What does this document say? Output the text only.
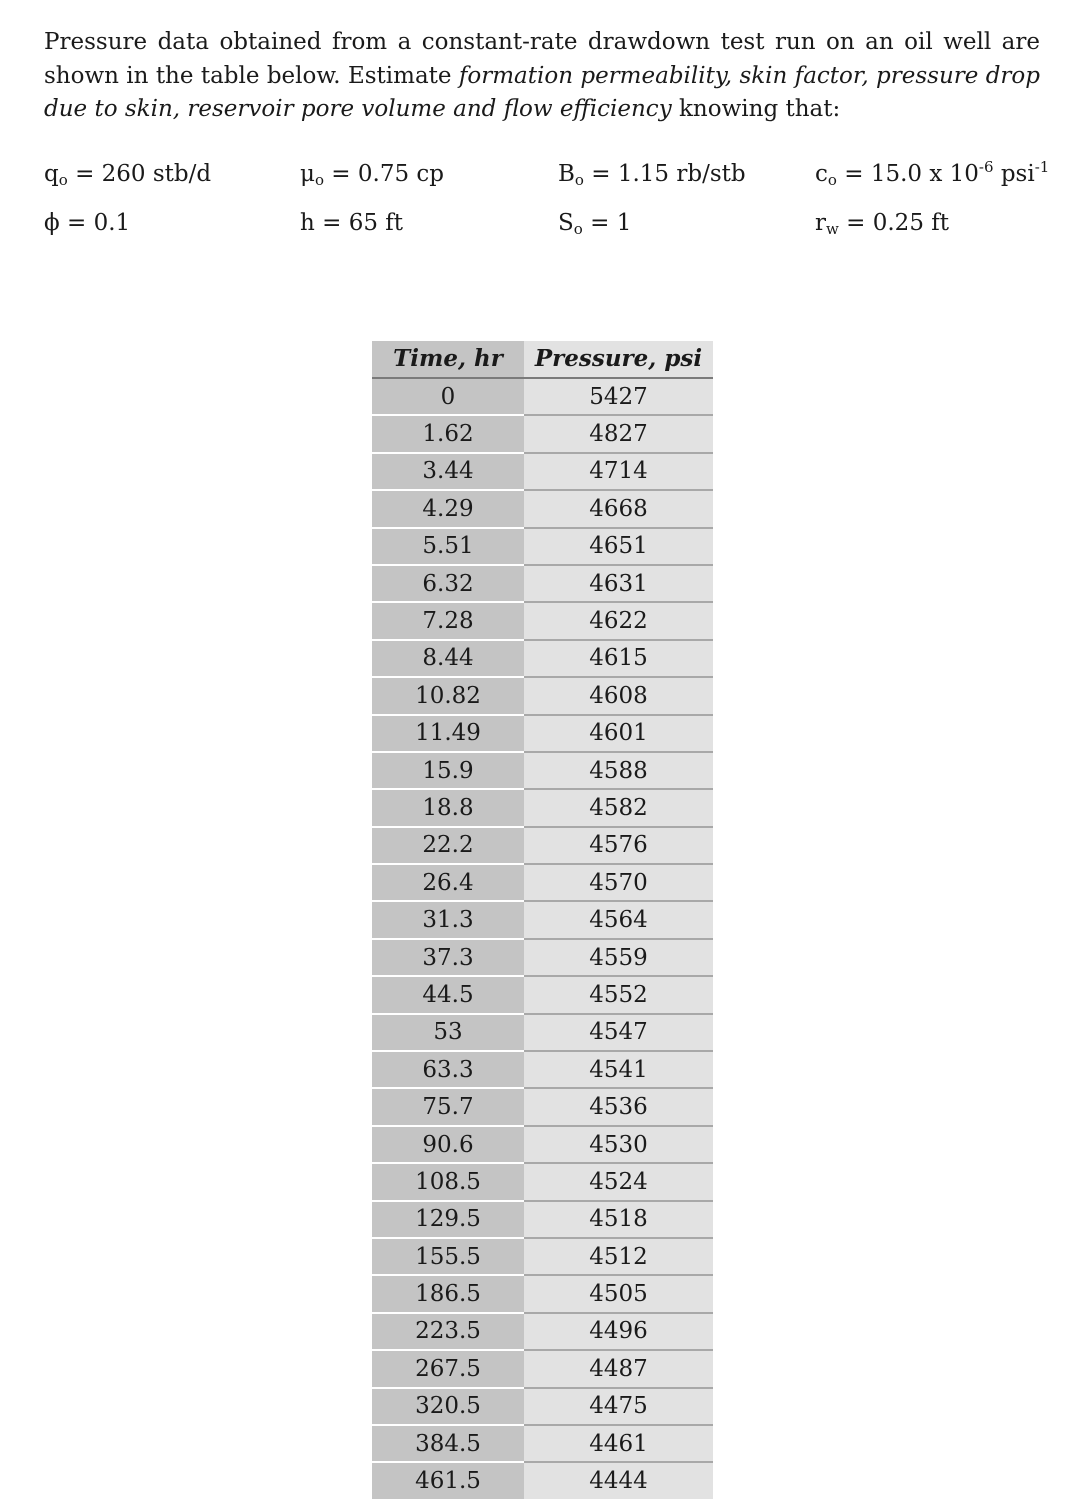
Pressure data obtained from a constant-rate drawdown test run on an oil well are shown in the table below. Estimate formation permeability, skin factor, pressure drop due to skin, reservoir pore volume and flow efficiency knowing that:
$q_o = 260$ stb/d	$\mu_o = 0.75$ cp	$B_o = 1.15$ rb/stb	$c_o = 15.0$ x $10^{-6}$ psi$^{-1}$
ϕ = 0.1	h = 65 ft	$S_o = 1$	$r_w = 0.25$ ft
Time, hr	Pressure, psi
0	5427
1.62	4827
3.44	4714
4.29	4668
5.51	4651
6.32	4631
7.28	4622
8.44	4615
10.82	4608
11.49	4601
15.9	4588
18.8	4582
22.2	4576
26.4	4570
31.3	4564
37.3	4559
44.5	4552
53	4547
63.3	4541
75.7	4536
90.6	4530
108.5	4524
129.5	4518
155.5	4512
186.5	4505
223.5	4496
267.5	4487
320.5	4475
384.5	4461
461.5	4444
